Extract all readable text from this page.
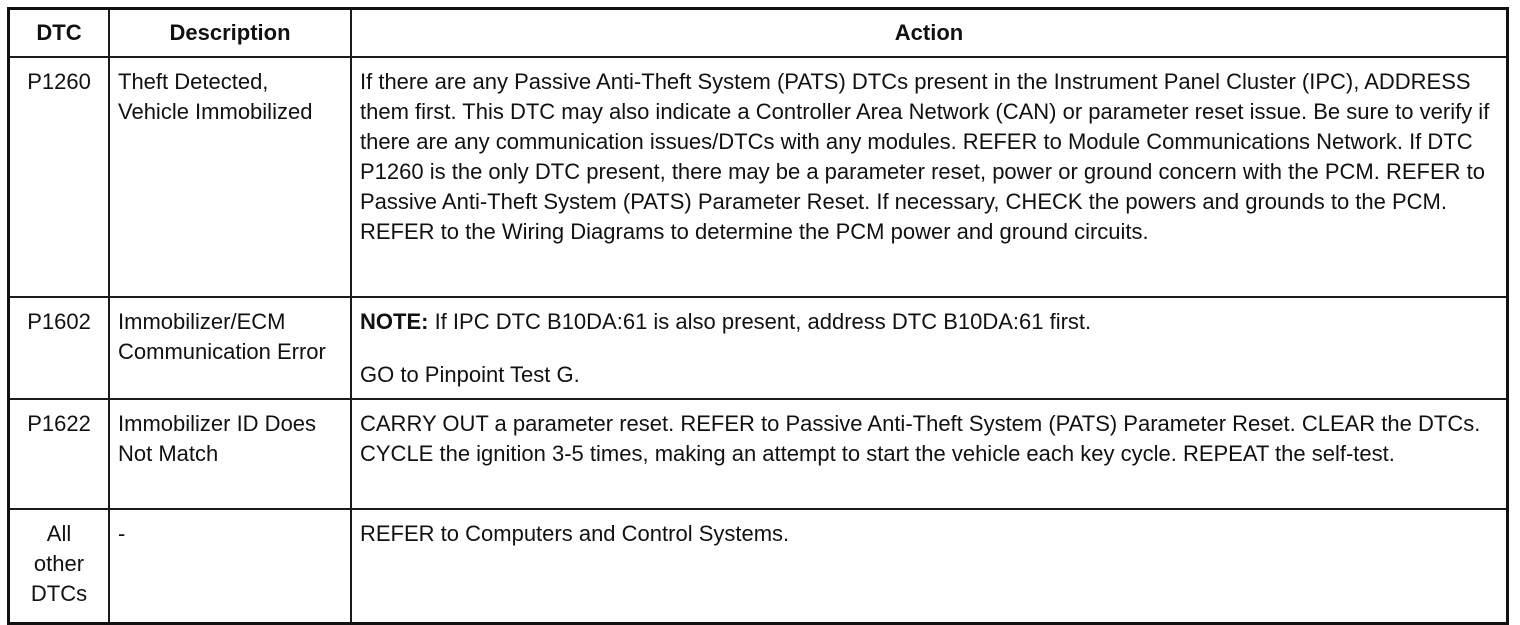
DTC	Description	Action
P1260	Theft Detected, Vehicle Immobilized	If there are any Passive Anti-Theft System (PATS) DTCs present in the Instrument Panel Cluster (IPC), ADDRESS them first. This DTC may also indicate a Controller Area Network (CAN) or parameter reset issue. Be sure to verify if there are any communication issues/DTCs with any modules. REFER to Module Communications Network. If DTC P1260 is the only DTC present, there may be a parameter reset, power or ground concern with the PCM. REFER to Passive Anti-Theft System (PATS) Parameter Reset. If necessary, CHECK the powers and grounds to the PCM. REFER to the Wiring Diagrams to determine the PCM power and ground circuits.
P1602	Immobilizer/ECM Communication Error	NOTE: If IPC DTC B10DA:61 is also present, address DTC B10DA:61 first.
GO to Pinpoint Test G.

P1622	Immobilizer ID Does Not Match	CARRY OUT a parameter reset. REFER to Passive Anti-Theft System (PATS) Parameter Reset. CLEAR the DTCs. CYCLE the ignition 3-5 times, making an attempt to start the vehicle each key cycle. REPEAT the self-test.
All other DTCs	-	REFER to Computers and Control Systems.
